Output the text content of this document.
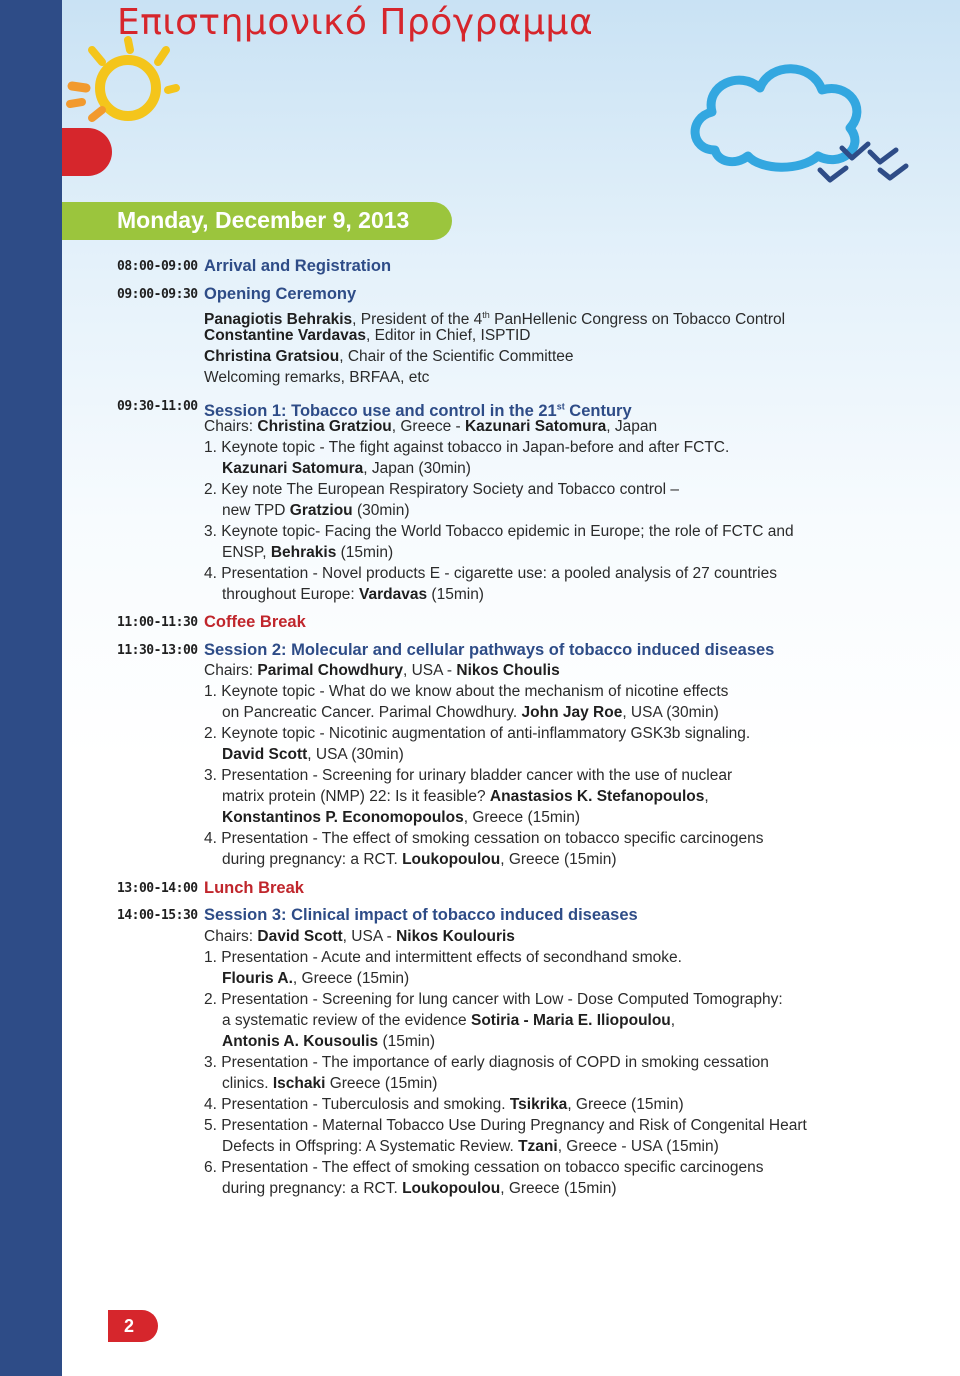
Επιστημονικό Πρόγραμμα
Monday, December 9, 2013
08:00-09:00 Arrival and Registration
09:00-09:30 Opening Ceremony
Panagiotis Behrakis, President of the 4th PanHellenic Congress on Tobacco Control
Constantine Vardavas, Editor in Chief, ISPTID
Christina Gratsiou, Chair of the Scientific Committee
Welcoming remarks, BRFAA, etc
09:30-11:00 Session 1: Tobacco use and control in the 21st Century
Chairs: Christina Gratziou, Greece - Kazunari Satomura, Japan
1. Keynote topic - The fight against tobacco in Japan-before and after FCTC.
Kazunari Satomura, Japan (30min)
2. Key note The European Respiratory Society and Tobacco control –
new TPD Gratziou (30min)
3. Keynote topic- Facing the World Tobacco epidemic in Europe; the role of FCTC and
ENSP, Behrakis (15min)
4. Presentation - Novel products E - cigarette use: a pooled analysis of 27 countries
throughout Europe: Vardavas (15min)
11:00-11:30 Coffee Break
11:30-13:00 Session 2: Molecular and cellular pathways of tobacco induced diseases
Chairs: Parimal Chowdhury, USA - Nikos Choulis
1. Keynote topic - What do we know about the mechanism of nicotine effects
on Pancreatic Cancer. Parimal Chowdhury. John Jay Roe, USA (30min)
2. Keynote topic - Nicotinic augmentation of anti-inflammatory GSK3b signaling.
David Scott, USA (30min)
3. Presentation - Screening for urinary bladder cancer with the use of nuclear
matrix protein (NMP) 22: Is it feasible? Anastasios K. Stefanopoulos,
Konstantinos P. Economopoulos, Greece (15min)
4. Presentation - The effect of smoking cessation on tobacco specific carcinogens
during pregnancy: a RCT. Loukopoulou, Greece (15min)
13:00-14:00 Lunch Break
14:00-15:30 Session 3: Clinical impact of tobacco induced diseases
Chairs: David Scott, USA - Nikos Koulouris
1. Presentation - Acute and intermittent effects of secondhand smoke.
Flouris A., Greece (15min)
2. Presentation - Screening for lung cancer with Low - Dose Computed Tomography:
a systematic review of the evidence Sotiria - Maria E. Iliopoulou,
Antonis A. Kousoulis (15min)
3. Presentation - The importance of early diagnosis of COPD in smoking cessation
clinics. Ischaki Greece (15min)
4. Presentation - Tuberculosis and smoking. Tsikrika, Greece (15min)
5. Presentation - Maternal Tobacco Use During Pregnancy and Risk of Congenital Heart
Defects in Offspring: A Systematic Review. Tzani, Greece - USA (15min)
6. Presentation - The effect of smoking cessation on tobacco specific carcinogens
during pregnancy: a RCT. Loukopoulou, Greece (15min)
2
